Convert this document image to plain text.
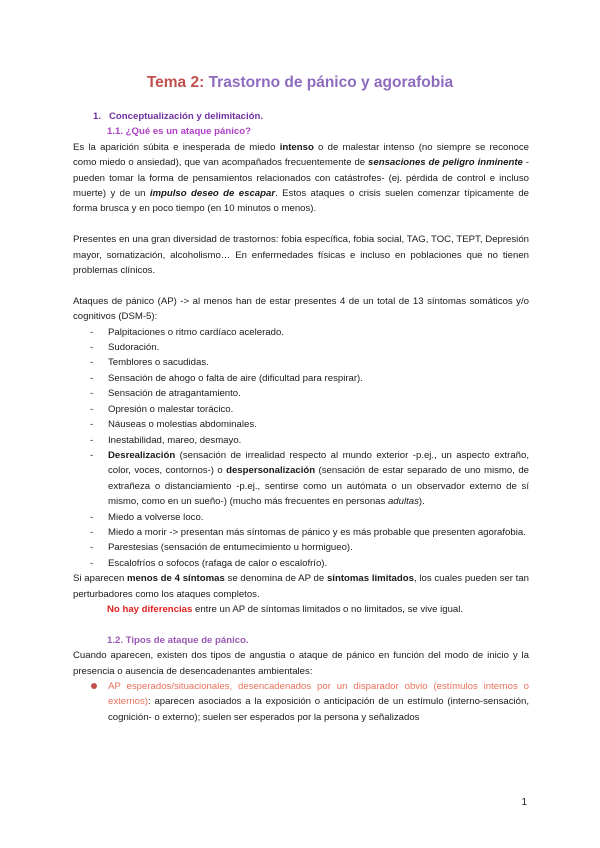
Tema 2: Trastorno de pánico y agorafobia

1. Conceptualización y delimitación.

1.1. ¿Qué es un ataque pánico?

Es la aparición súbita e inesperada de miedo intenso o de malestar intenso (no siempre se reconoce como miedo o ansiedad), que van acompañados frecuentemente de sensaciones de peligro inminente -pueden tomar la forma de pensamientos relacionados con catástrofes- (ej. pérdida de control e incluso muerte) y de un impulso deseo de escapar. Estos ataques o crisis suelen comenzar típicamente de forma brusca y en poco tiempo (en 10 minutos o menos).

Presentes en una gran diversidad de trastornos: fobia específica, fobia social, TAG, TOC, TEPT, Depresión mayor, somatización, alcoholismo… En enfermedades físicas e incluso en poblaciones que no tienen problemas clínicos.

Ataques de pánico (AP) -> al menos han de estar presentes 4 de un total de 13 síntomas somáticos y/o cognitivos (DSM-5):

- Palpitaciones o ritmo cardíaco acelerado.
- Sudoración.
- Temblores o sacudidas.
- Sensación de ahogo o falta de aire (dificultad para respirar).
- Sensación de atragantamiento.
- Opresión o malestar torácico.
- Náuseas o molestias abdominales.
- Inestabilidad, mareo, desmayo.
- Desrealización (sensación de irrealidad respecto al mundo exterior -p.ej., un aspecto extraño, color, voces, contornos-) o despersonalización (sensación de estar separado de uno mismo, de extrañeza o distanciamiento -p.ej., sentirse como un autómata o un observador externo de sí mismo, como en un sueño-) (mucho más frecuentes en personas adultas).
- Miedo a volverse loco.
- Miedo a morir -> presentan más síntomas de pánico y es más probable que presenten agorafobia.
- Parestesias (sensación de entumecimiento u hormigueo).
- Escalofríos o sofocos (rafaga de calor o escalofrío).

Si aparecen menos de 4 síntomas se denomina de AP de síntomas limitados, los cuales pueden ser tan perturbadores como los ataques completos.

No hay diferencias entre un AP de síntomas limitados o no limitados, se vive igual.

1.2. Tipos de ataque de pánico.

Cuando aparecen, existen dos tipos de angustia o ataque de pánico en función del modo de inicio y la presencia o ausencia de desencadenantes ambientales:

AP esperados/situacionales, desencadenados por un disparador obvio (estímulos internos o externos): aparecen asociados a la exposición o anticipación de un estímulo (interno-sensación, cognición- o externo); suelen ser esperados por la persona y señalizados
1
